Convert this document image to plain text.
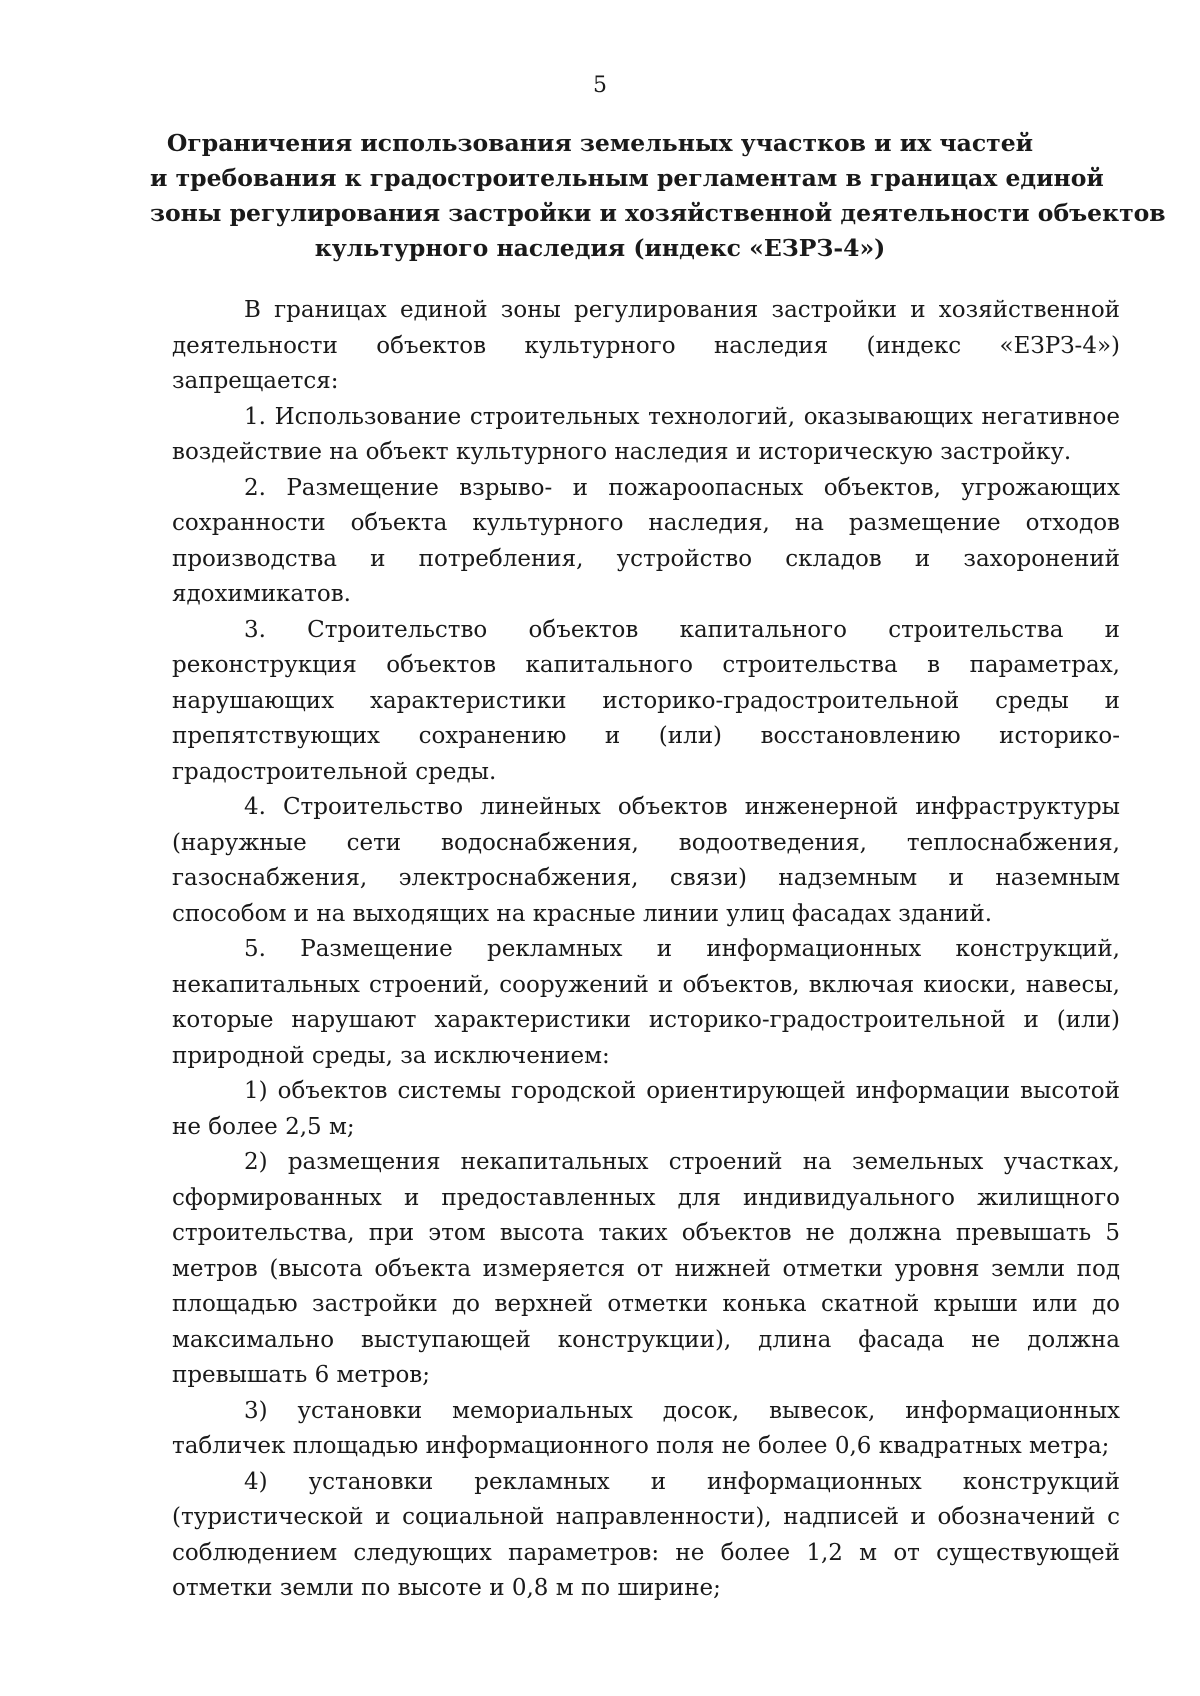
5
Ограничения использования земельных участков и их частей
и требования к градостроительным регламентам в границах единой
зоны регулирования застройки и хозяйственной деятельности объектов
культурного наследия (индекс «ЕЗРЗ-4»)

В границах единой зоны регулирования застройки и хозяйственной деятельности объектов культурного наследия (индекс «ЕЗРЗ-4») запрещается:

1. Использование строительных технологий, оказывающих негативное воздействие на объект культурного наследия и историческую застройку.

2. Размещение взрыво- и пожароопасных объектов, угрожающих сохранности объекта культурного наследия, на размещение отходов производства и потребления, устройство складов и захоронений ядохимикатов.

3. Строительство объектов капитального строительства и реконструкция объектов капитального строительства в параметрах, нарушающих характеристики историко-градостроительной среды и препятствующих сохранению и (или) восстановлению историко-градостроительной среды.

4. Строительство линейных объектов инженерной инфраструктуры (наружные сети водоснабжения, водоотведения, теплоснабжения, газоснабжения, электроснабжения, связи) надземным и наземным способом и на выходящих на красные линии улиц фасадах зданий.

5. Размещение рекламных и информационных конструкций, некапитальных строений, сооружений и объектов, включая киоски, навесы, которые нарушают характеристики историко-градостроительной и (или) природной среды, за исключением:

1) объектов системы городской ориентирующей информации высотой не более 2,5 м;

2) размещения некапитальных строений на земельных участках, сформированных и предоставленных для индивидуального жилищного строительства, при этом высота таких объектов не должна превышать 5 метров (высота объекта измеряется от нижней отметки уровня земли под площадью застройки до верхней отметки конька скатной крыши или до максимально выступающей конструкции), длина фасада не должна превышать 6 метров;

3) установки мемориальных досок, вывесок, информационных табличек площадью информационного поля не более 0,6 квадратных метра;

4) установки рекламных и информационных конструкций (туристической и социальной направленности), надписей и обозначений с соблюдением следующих параметров: не более 1,2 м от существующей отметки земли по высоте и 0,8 м по ширине;
